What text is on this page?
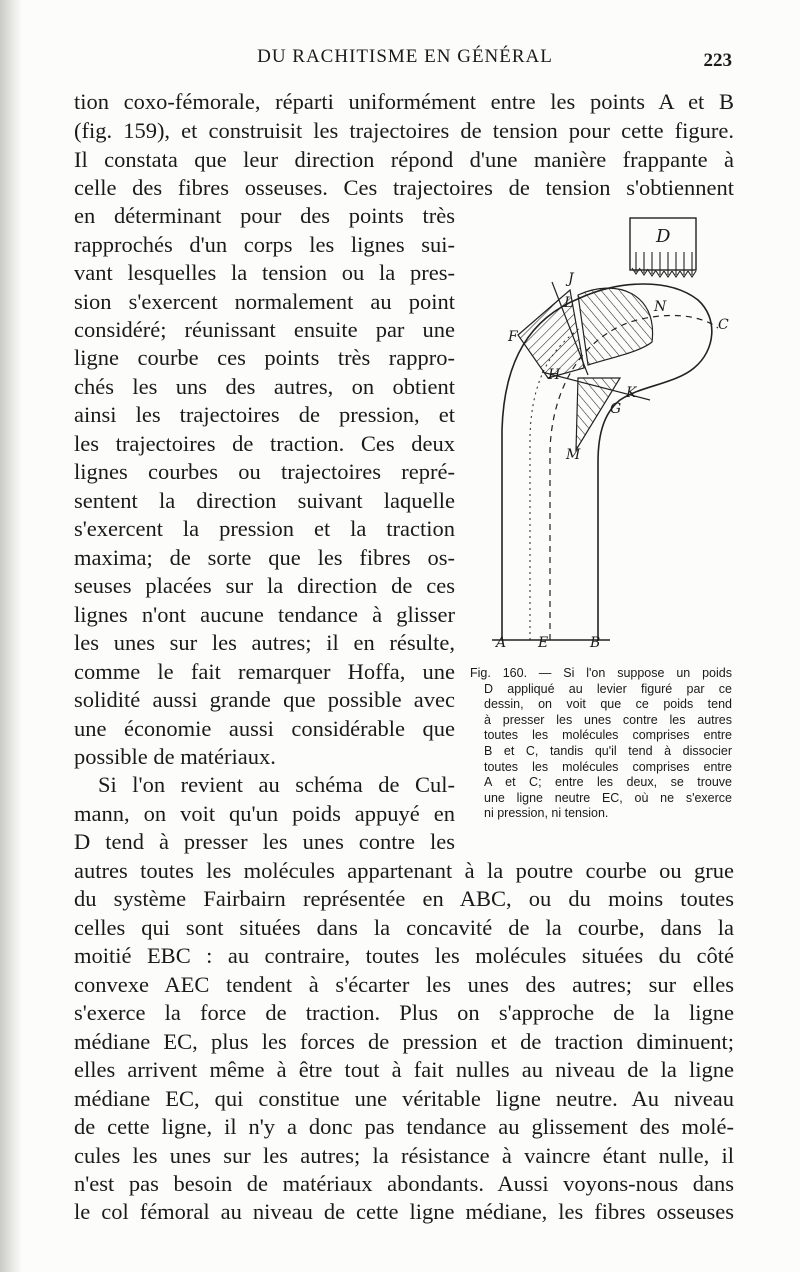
DU RACHITISME EN GÉNÉRAL	223
tion coxo-fémorale, réparti uniformément entre les points A et B
(fig. 159), et construisit les trajectoires de tension pour cette figure.
Il constata que leur direction répond d'une manière frappante à
celle des fibres osseuses. Ces trajectoires de tension s'obtiennent
en déterminant pour des points très
rapprochés d'un corps les lignes sui-
vant lesquelles la tension ou la pres-
sion s'exercent normalement au point
considéré; réunissant ensuite par une
ligne courbe ces points très rappro-
chés les uns des autres, on obtient
ainsi les trajectoires de pression, et
les trajectoires de traction. Ces deux
lignes courbes ou trajectoires repré-
sentent la direction suivant laquelle
s'exercent la pression et la traction
maxima; de sorte que les fibres os-
seuses placées sur la direction de ces
lignes n'ont aucune tendance à glisser
les unes sur les autres; il en résulte,
comme le fait remarquer Hoffa, une
solidité aussi grande que possible avec
une économie aussi considérable que
possible de matériaux.
Si l'on revient au schéma de Cul-
mann, on voit qu'un poids appuyé en
D tend à presser les unes contre les
autres toutes les molécules appartenant à la poutre courbe ou grue
du système Fairbairn représentée en ABC, ou du moins toutes
celles qui sont situées dans la concavité de la courbe, dans la
moitié EBC : au contraire, toutes les molécules situées du côté
convexe AEC tendent à s'écarter les unes des autres; sur elles
s'exerce la force de traction. Plus on s'approche de la ligne
médiane EC, plus les forces de pression et de traction diminuent;
elles arrivent même à être tout à fait nulles au niveau de la ligne
médiane EC, qui constitue une véritable ligne neutre. Au niveau
de cette ligne, il n'y a donc pas tendance au glissement des molé-
cules les unes sur les autres; la résistance à vaincre étant nulle, il
n'est pas besoin de matériaux abondants. Aussi voyons-nous dans
le col fémoral au niveau de cette ligne médiane, les fibres osseuses
D
J
N
C
L
F
H
K
G
M
A E	B
Fig. 160. — Si l'on suppose un poids
D appliqué au levier figuré par ce
dessin, on voit que ce poids tend
à presser les unes contre les autres
toutes les molécules comprises entre
B et C, tandis qu'il tend à dissocier
toutes les molécules comprises entre
A et C; entre les deux, se trouve
une ligne neutre EC, où ne s'exerce
ni pression, ni tension.
